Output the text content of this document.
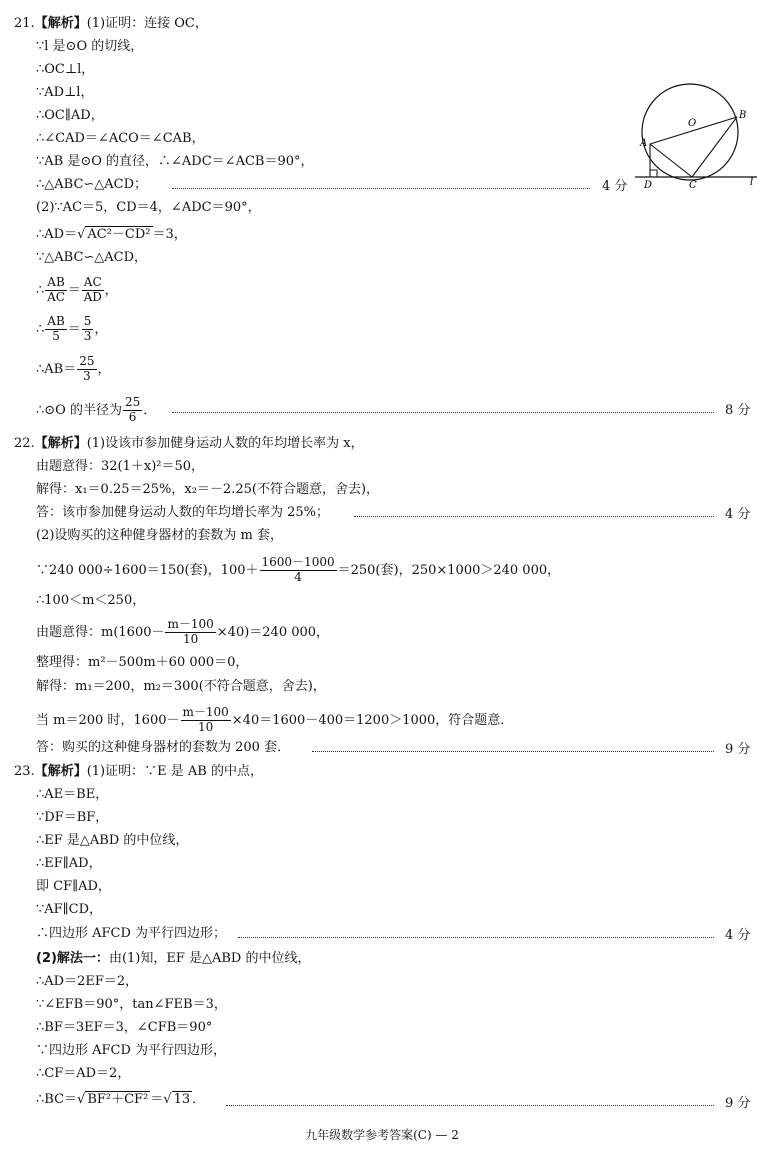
21.【解析】(1)证明：连接 OC，
∵l 是⊙O 的切线，
∴OC⊥l，
∵AD⊥l，
∴OC∥AD，
∴∠CAD＝∠ACO＝∠CAB，
∵AB 是⊙O 的直径，∴∠ADC＝∠ACB＝90°，
∴△ABC∽△ACD；	4 分
(2)∵AC＝5，CD＝4，∠ADC＝90°，
∴AD＝√ AC²－CD² ＝3，
∵△ABC∽△ACD，
∴ $\frac{AB}{AC} = \frac{AC}{AD}$ ，
∴ $\frac{AB}{5} = \frac{5}{3}$ ，
∴AB＝ $\frac{25}{3}$ ，
∴⊙O 的半径为 $\frac{25}{6}$ ．	8 分
A
B
O
D	C	l
22.【解析】(1)设该市参加健身运动人数的年均增长率为 x，
由题意得：32(1＋x)²＝50，
解得：x₁＝0.25＝25%，x₂＝－2.25(不符合题意，舍去)，
答：该市参加健身运动人数的年均增长率为 25%；	4 分
(2)设购买的这种健身器材的套数为 m 套，
∵240 000÷1600＝150(套)，$100+ \frac{1600-1000}{4} =250$(套)，250×1000＞240 000，
∴100＜m＜250，
由题意得：$m(1600- \frac{m-100}{10} \times 40)=240$ 000，
整理得：m²－500m＋60 000＝0，
解得：m₁＝200，m₂＝300(不符合题意，舍去)，
当 m＝200 时，$1600- \frac{m-100}{10} \times 40=1600-400=1200>1000$，符合题意．
答：购买的这种健身器材的套数为 200 套．	9 分
23.【解析】(1)证明：∵E 是 AB 的中点，
∴AE＝BE，
∵DF＝BF，
∴EF 是△ABD 的中位线，
∴EF∥AD，
即 CF∥AD，
∵AF∥CD，
∴四边形 AFCD 为平行四边形；	4 分
(2)解法一：由(1)知，EF 是△ABD 的中位线，
∴AD＝2EF＝2，
∵∠EFB＝90°，tan∠FEB＝3，
∴BF＝3EF＝3，∠CFB＝90°
∵四边形 AFCD 为平行四边形，
∴CF＝AD＝2，
∴BC＝√ BF²＋CF² ＝√ 13 ．	9 分
九年级数学参考答案(C) — 2
